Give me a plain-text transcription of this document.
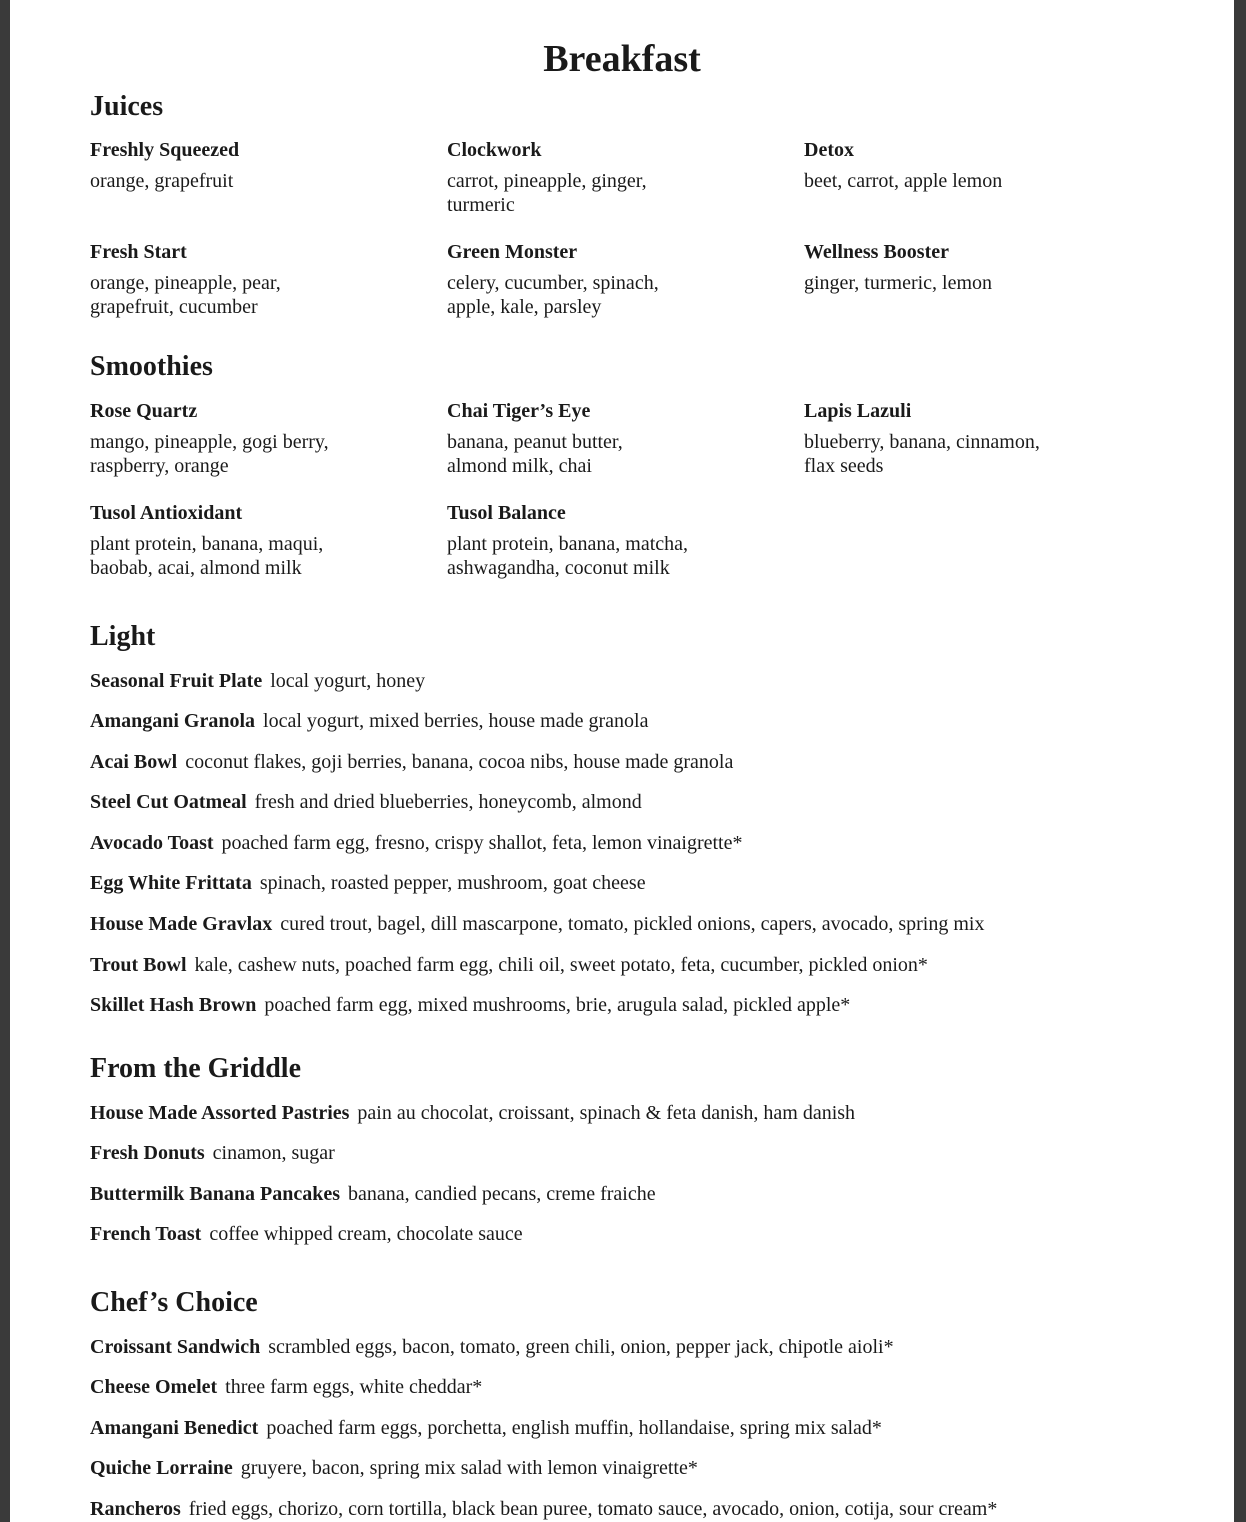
Breakfast
Juices
Freshly Squeezed
orange, grapefruit
Clockwork
carrot, pineapple, ginger, turmeric
Detox
beet, carrot, apple lemon
Fresh Start
orange, pineapple, pear, grapefruit, cucumber
Green Monster
celery, cucumber, spinach, apple, kale, parsley
Wellness Booster
ginger, turmeric, lemon
Smoothies
Rose Quartz
mango, pineapple, gogi berry, raspberry, orange
Chai Tiger’s Eye
banana, peanut butter, almond milk, chai
Lapis Lazuli
blueberry, banana, cinnamon, flax seeds
Tusol Antioxidant
plant protein, banana, maqui, baobab, acai, almond milk
Tusol Balance
plant protein, banana, matcha, ashwagandha, coconut milk
Light
Seasonal Fruit Plate local yogurt, honey
Amangani Granola local yogurt, mixed berries, house made granola
Acai Bowl coconut flakes, goji berries, banana, cocoa nibs, house made granola
Steel Cut Oatmeal fresh and dried blueberries, honeycomb, almond
Avocado Toast poached farm egg, fresno, crispy shallot, feta, lemon vinaigrette*
Egg White Frittata spinach, roasted pepper, mushroom, goat cheese
House Made Gravlax cured trout, bagel, dill mascarpone, tomato, pickled onions, capers, avocado, spring mix
Trout Bowl kale, cashew nuts, poached farm egg, chili oil, sweet potato, feta, cucumber, pickled onion*
Skillet Hash Brown poached farm egg, mixed mushrooms, brie, arugula salad, pickled apple*
From the Griddle
House Made Assorted Pastries pain au chocolat, croissant, spinach & feta danish, ham danish
Fresh Donuts cinamon, sugar
Buttermilk Banana Pancakes banana, candied pecans, creme fraiche
French Toast coffee whipped cream, chocolate sauce
Chef’s Choice
Croissant Sandwich scrambled eggs, bacon, tomato, green chili, onion, pepper jack, chipotle aioli*
Cheese Omelet three farm eggs, white cheddar*
Amangani Benedict poached farm eggs, porchetta, english muffin, hollandaise, spring mix salad*
Quiche Lorraine gruyere, bacon, spring mix salad with lemon vinaigrette*
Rancheros fried eggs, chorizo, corn tortilla, black bean puree, tomato sauce, avocado, onion, cotija, sour cream*
